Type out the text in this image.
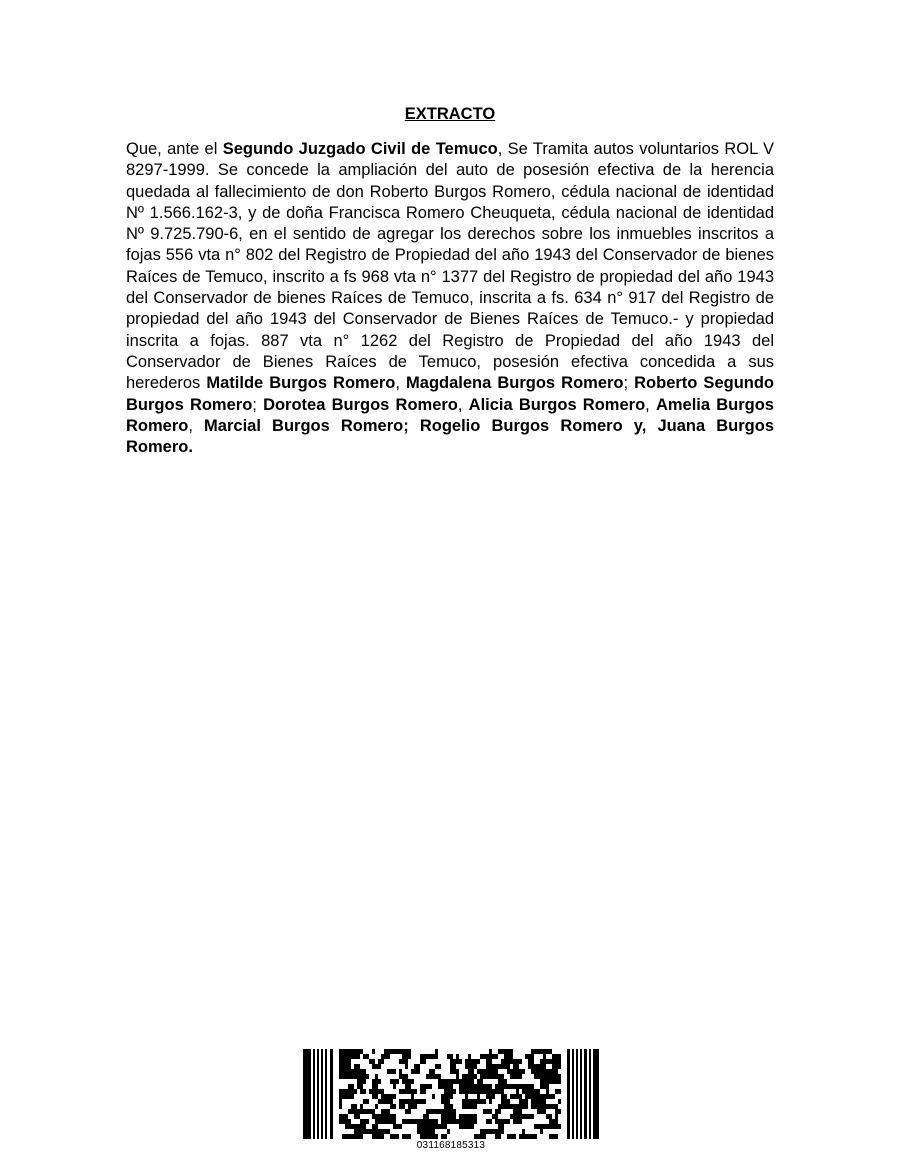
EXTRACTO

Que, ante el Segundo Juzgado Civil de Temuco, Se Tramita autos voluntarios ROL V 8297-1999. Se concede la ampliación del auto de posesión efectiva de la herencia quedada al fallecimiento de don Roberto Burgos Romero, cédula nacional de identidad Nº 1.566.162-3, y de doña Francisca Romero Cheuqueta, cédula nacional de identidad Nº 9.725.790-6, en el sentido de agregar los derechos sobre los inmuebles inscritos a fojas 556 vta n° 802 del Registro de Propiedad del año 1943 del Conservador de bienes Raíces de Temuco, inscrito a fs 968 vta n° 1377 del Registro de propiedad del año 1943 del Conservador de bienes Raíces de Temuco, inscrita a fs. 634 n° 917 del Registro de propiedad del año 1943 del Conservador de Bienes Raíces de Temuco.- y propiedad inscrita a fojas. 887 vta n° 1262 del Registro de Propiedad del año 1943 del Conservador de Bienes Raíces de Temuco, posesión efectiva concedida a sus herederos Matilde Burgos Romero, Magdalena Burgos Romero; Roberto Segundo Burgos Romero; Dorotea Burgos Romero, Alicia Burgos Romero, Amelia Burgos Romero, Marcial Burgos Romero; Rogelio Burgos Romero y, Juana Burgos Romero.

031168185313
